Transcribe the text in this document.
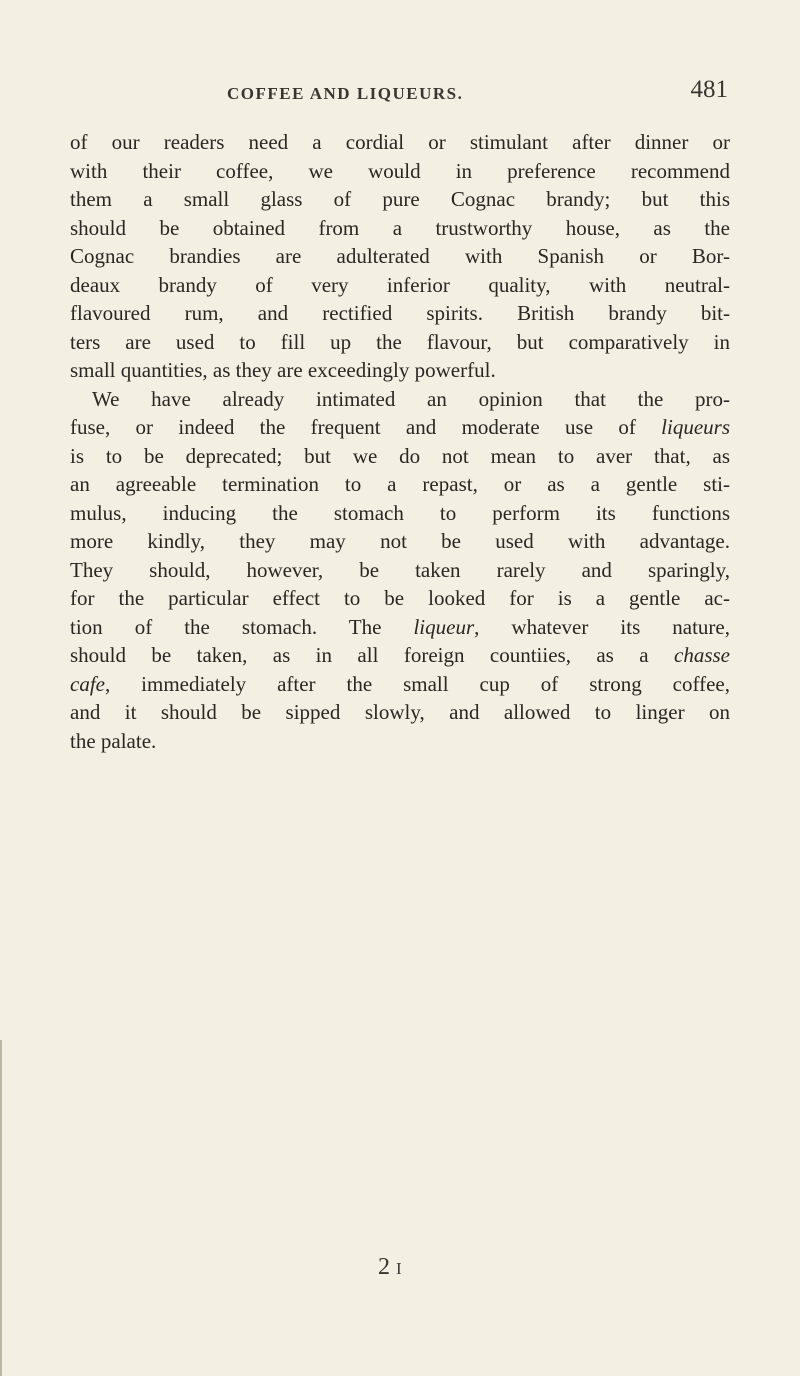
COFFEE AND LIQUEURS.	481
of our readers need a cordial or stimulant after dinner or
with their coffee, we would in preference recommend
them a small glass of pure Cognac brandy; but this
should be obtained from a trustworthy house, as the
Cognac brandies are adulterated with Spanish or Bor-
deaux brandy of very inferior quality, with neutral-
flavoured rum, and rectified spirits. British brandy bit-
ters are used to fill up the flavour, but comparatively in
small quantities, as they are exceedingly powerful.
We have already intimated an opinion that the pro-
fuse, or indeed the frequent and moderate use of liqueurs
is to be deprecated; but we do not mean to aver that, as
an agreeable termination to a repast, or as a gentle sti-
mulus, inducing the stomach to perform its functions
more kindly, they may not be used with advantage.
They should, however, be taken rarely and sparingly,
for the particular effect to be looked for is a gentle ac-
tion of the stomach. The liqueur, whatever its nature,
should be taken, as in all foreign countiies, as a chasse
cafe, immediately after the small cup of strong coffee,
and it should be sipped slowly, and allowed to linger on
the palate.
2I
